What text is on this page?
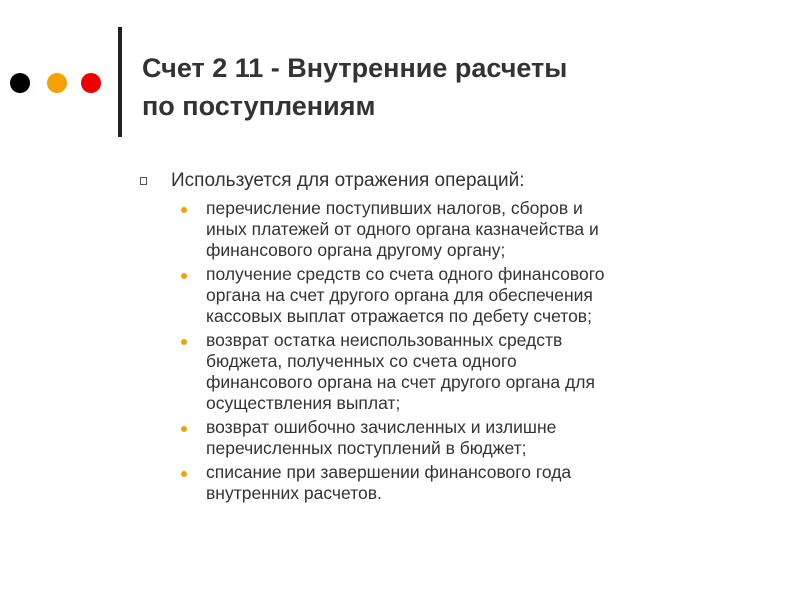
Счет 2 11 - Внутренние расчеты
по поступлениям
Используется для отражения операций:
перечисление поступивших налогов, сборов и
иных платежей от одного органа казначейства и
финансового органа другому органу;
получение средств со счета одного финансового
органа на счет другого органа для обеспечения
кассовых выплат отражается по дебету счетов;
возврат остатка неиспользованных средств
бюджета, полученных со счета одного
финансового органа на счет другого органа для
осуществления выплат;
возврат ошибочно зачисленных и излишне
перечисленных поступлений в бюджет;
списание при завершении финансового года
внутренних расчетов.
